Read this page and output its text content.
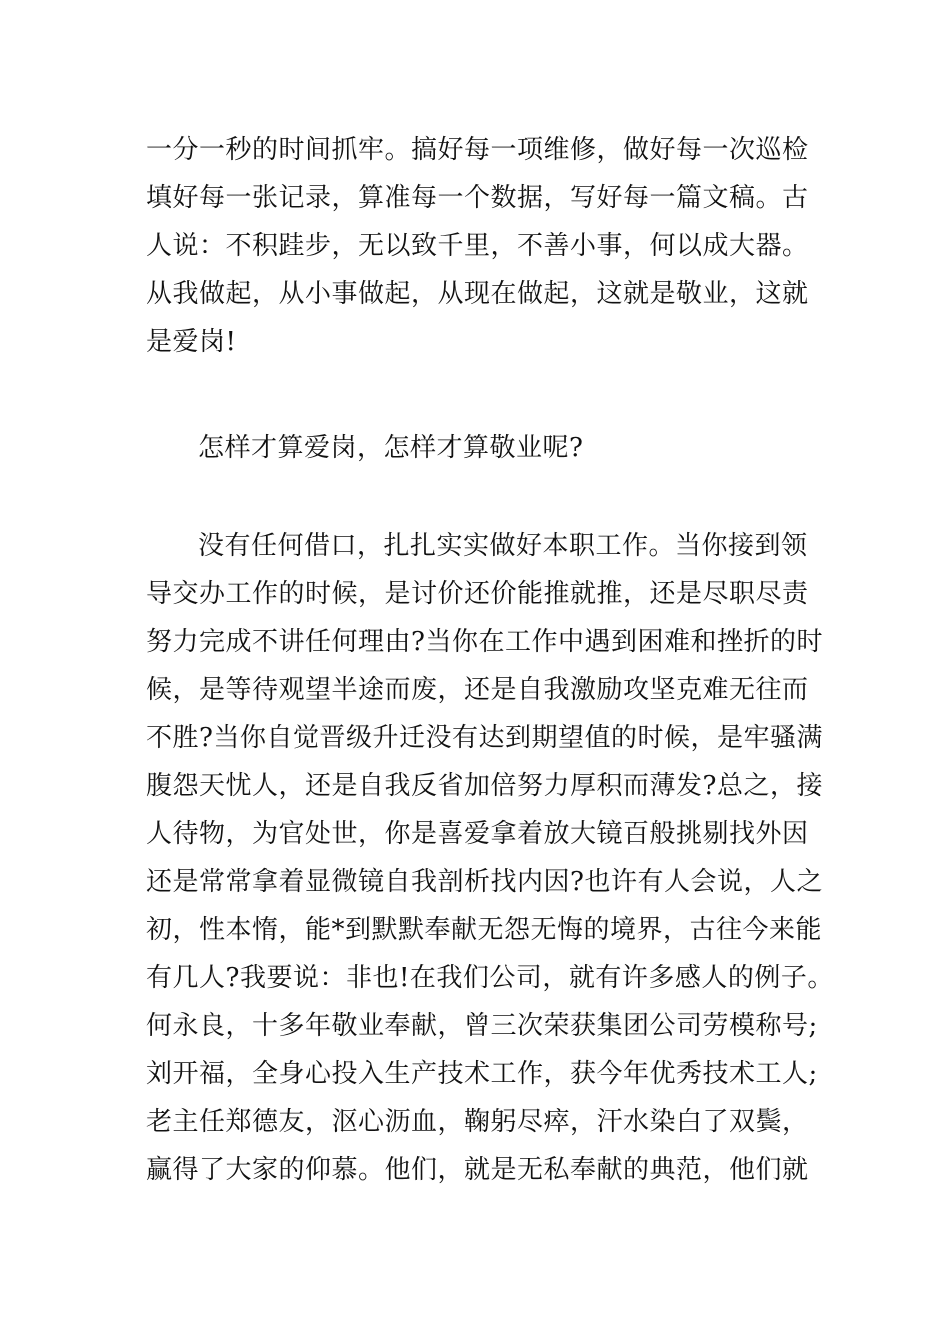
一分一秒的时间抓牢。搞好每一项维修，做好每一次巡检
填好每一张记录，算准每一个数据，写好每一篇文稿。古
人说：不积跬步，无以致千里，不善小事，何以成大器。
从我做起，从小事做起，从现在做起，这就是敬业，这就
是爱岗!
怎样才算爱岗，怎样才算敬业呢?
没有任何借口，扎扎实实做好本职工作。当你接到领
导交办工作的时候，是讨价还价能推就推，还是尽职尽责
努力完成不讲任何理由?当你在工作中遇到困难和挫折的时
候，是等待观望半途而废，还是自我激励攻坚克难无往而
不胜?当你自觉晋级升迁没有达到期望值的时候，是牢骚满
腹怨天忧人，还是自我反省加倍努力厚积而薄发?总之，接
人待物，为官处世，你是喜爱拿着放大镜百般挑剔找外因
还是常常拿着显微镜自我剖析找内因?也许有人会说，人之
初，性本惰，能*到默默奉献无怨无悔的境界，古往今来能
有几人?我要说：非也!在我们公司，就有许多感人的例子。
何永良，十多年敬业奉献，曾三次荣获集团公司劳模称号;
刘开福，全身心投入生产技术工作，获今年优秀技术工人;
老主任郑德友，沤心沥血，鞠躬尽瘁，汗水染白了双鬓，
赢得了大家的仰慕。他们，就是无私奉献的典范，他们就
